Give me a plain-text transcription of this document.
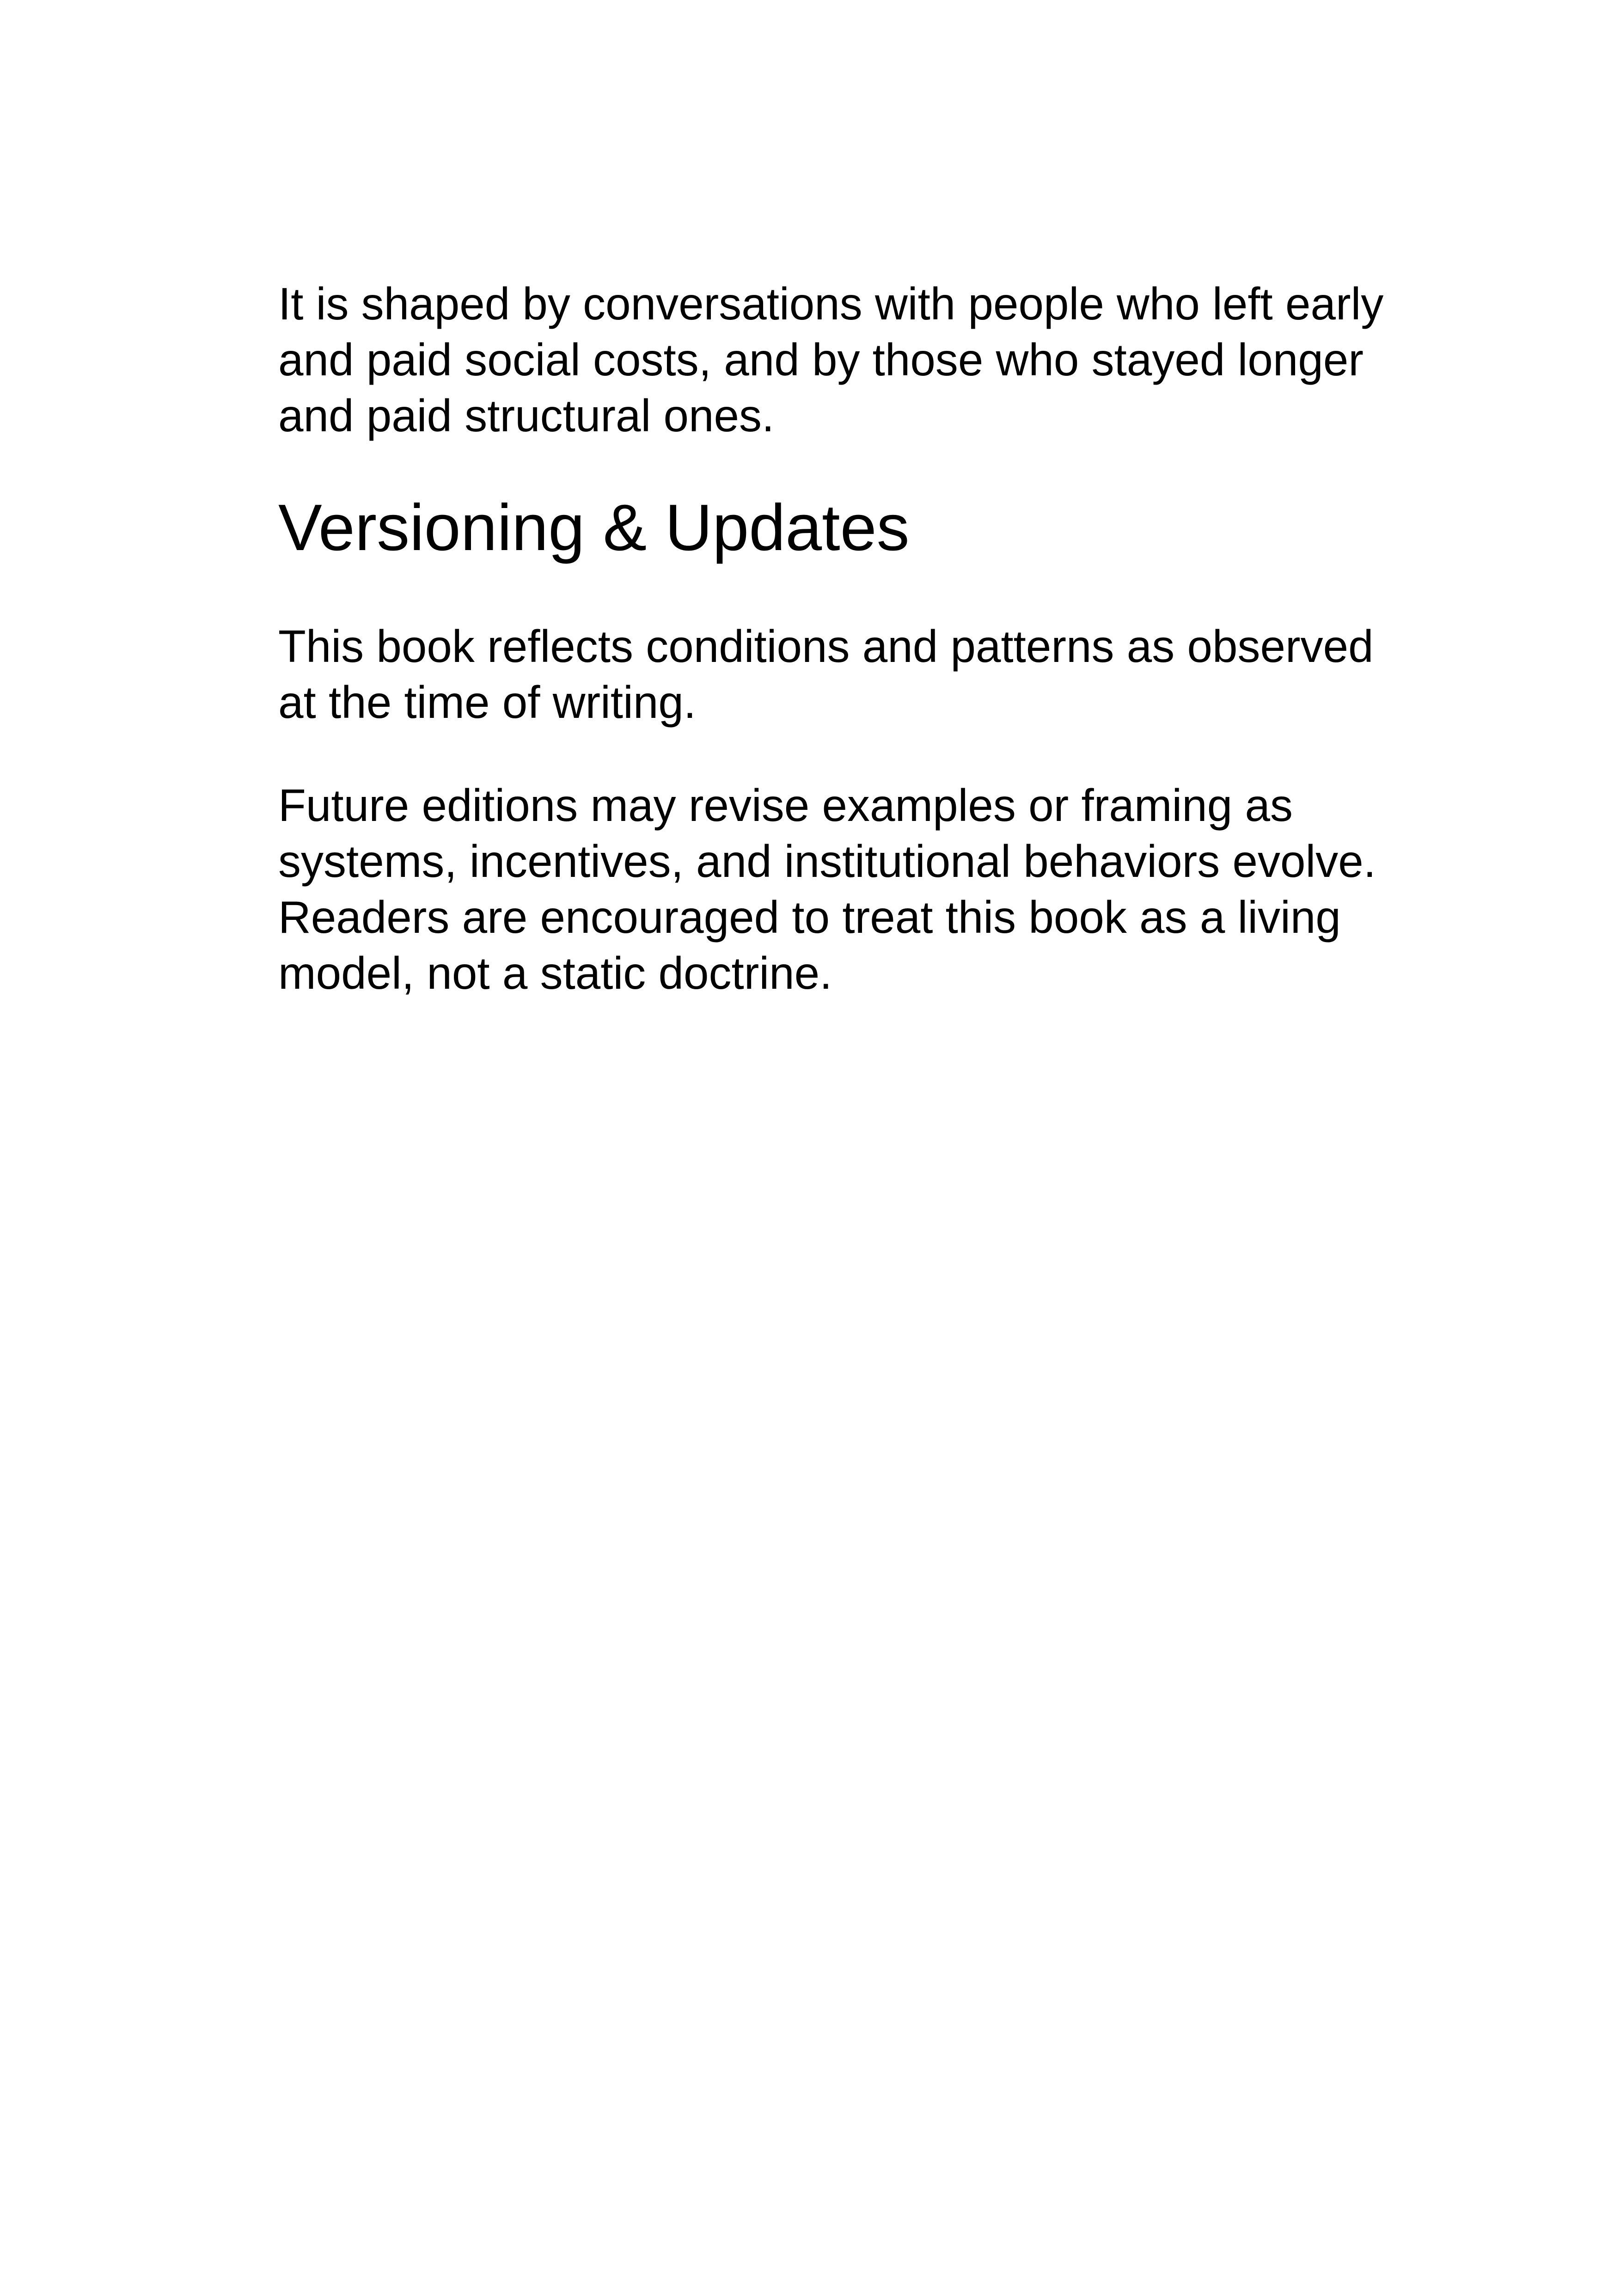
It is shaped by conversations with people who left early
and paid social costs, and by those who stayed longer
and paid structural ones.

Versioning & Updates

This book reflects conditions and patterns as observed
at the time of writing.

Future editions may revise examples or framing as
systems, incentives, and institutional behaviors evolve.
Readers are encouraged to treat this book as a living
model, not a static doctrine.
